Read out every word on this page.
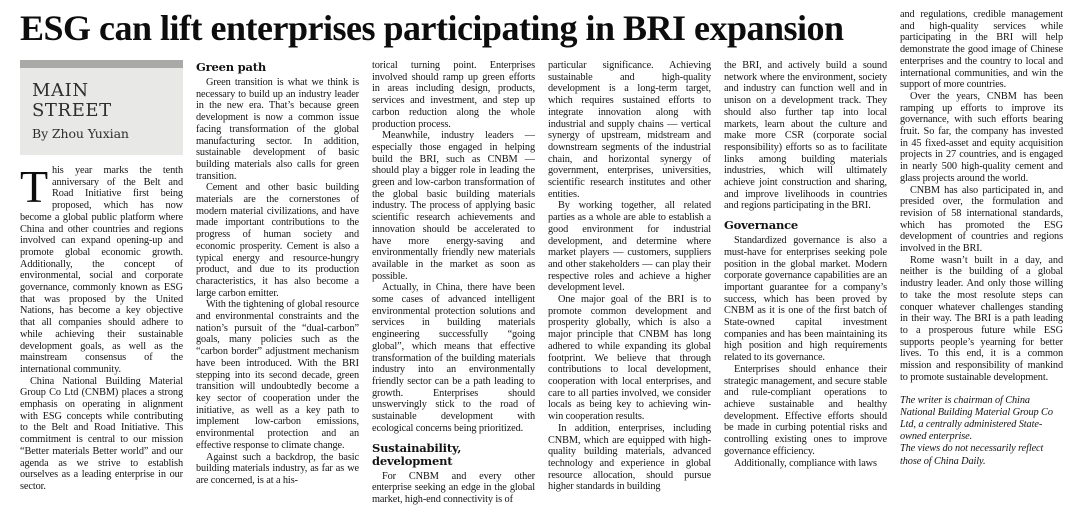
ESG can lift enterprises participating in BRI expansion
MAIN STREET
By Zhou Yuxian
This year marks the tenth anniversary of the Belt and Road Initiative first being proposed, which has now become a global public platform where China and other countries and regions involved can expand opening-up and promote global economic growth. Additionally, the concept of environmental, social and corporate governance, commonly known as ESG that was proposed by the United Nations, has become a key objective that all companies should adhere to while achieving their sustainable development goals, as well as the mainstream consensus of the international community.
China National Building Material Group Co Ltd (CNBM) places a strong emphasis on operating in alignment with ESG concepts while contributing to the Belt and Road Initiative. This commitment is central to our mission “Better materials Better world” and our agenda as we strive to establish ourselves as a leading enterprise in our sector.
Green path
Green transition is what we think is necessary to build up an industry leader in the new era. That’s because green development is now a common issue facing transformation of the global manufacturing sector. In addition, sustainable development of basic building materials also calls for green transition.
Cement and other basic building materials are the cornerstones of modern material civilizations, and have made important contributions to the progress of human society and economic prosperity. Cement is also a typical energy and resource-hungry product, and due to its production characteristics, it has also become a large carbon emitter.
With the tightening of global resource and environmental constraints and the nation’s pursuit of the “dual-carbon” goals, many policies such as the “carbon border” adjustment mechanism have been introduced. With the BRI stepping into its second decade, green transition will undoubtedly become a key sector of cooperation under the initiative, as well as a key path to implement low-carbon emissions, environmental protection and an effective response to climate change.
Against such a backdrop, the basic building materials industry, as far as we are concerned, is at a his-
torical turning point. Enterprises involved should ramp up green efforts in areas including design, products, services and investment, and step up carbon reduction along the whole production process.
Meanwhile, industry leaders — especially those engaged in helping build the BRI, such as CNBM — should play a bigger role in leading the green and low-carbon transformation of the global basic building materials industry. The process of applying basic scientific research achievements and innovation should be accelerated to have more energy-saving and environmentally friendly new materials available in the market as soon as possible.
Actually, in China, there have been some cases of advanced intelligent environmental protection solutions and services in building materials engineering successfully “going global”, which means that effective transformation of the building materials industry into an environmentally friendly sector can be a path leading to growth. Enterprises should unswervingly stick to the road of sustainable development with ecological concerns being prioritized.
Sustainability, development
For CNBM and every other enterprise seeking an edge in the global market, high-end connectivity is of
particular significance. Achieving sustainable and high-quality development is a long-term target, which requires sustained efforts to integrate innovation along with industrial and supply chains — vertical synergy of upstream, midstream and downstream segments of the industrial chain, and horizontal synergy of government, enterprises, universities, scientific research institutes and other entities.
By working together, all related parties as a whole are able to establish a good environment for industrial development, and determine where market players — customers, suppliers and other stakeholders — can play their respective roles and achieve a higher development level.
One major goal of the BRI is to promote common development and prosperity globally, which is also a major principle that CNBM has long adhered to while expanding its global footprint. We believe that through contributions to local development, cooperation with local enterprises, and care to all parties involved, we consider locals as being key to achieving win-win cooperation results.
In addition, enterprises, including CNBM, which are equipped with high-quality building materials, advanced technology and experience in global resource allocation, should pursue higher standards in building
the BRI, and actively build a sound network where the environment, society and industry can function well and in unison on a development track. They should also further tap into local markets, learn about the culture and make more CSR (corporate social responsibility) efforts so as to facilitate links among building materials industries, which will ultimately achieve joint construction and sharing, and improve livelihoods in countries and regions participating in the BRI.
Governance
Standardized governance is also a must-have for enterprises seeking pole position in the global market. Modern corporate governance capabilities are an important guarantee for a company’s success, which has been proved by CNBM as it is one of the first batch of State-owned capital investment companies and has been maintaining its high position and high requirements related to its governance.
Enterprises should enhance their strategic management, and secure stable and rule-compliant operations to achieve sustainable and healthy development. Effective efforts should be made in curbing potential risks and controlling existing ones to improve governance efficiency.
Additionally, compliance with laws
and regulations, credible management and high-quality services while participating in the BRI will help demonstrate the good image of Chinese enterprises and the country to local and international communities, and win the support of more countries.
Over the years, CNBM has been ramping up efforts to improve its governance, with such efforts bearing fruit. So far, the company has invested in 45 fixed-asset and equity acquisition projects in 27 countries, and is engaged in nearly 500 high-quality cement and glass projects around the world.
CNBM has also participated in, and presided over, the formulation and revision of 58 international standards, which has promoted the ESG development of countries and regions involved in the BRI.
Rome wasn’t built in a day, and neither is the building of a global industry leader. And only those willing to take the most resolute steps can conquer whatever challenges standing in their way. The BRI is a path leading to a prosperous future while ESG supports people’s yearning for better lives. To this end, it is a common mission and responsibility of mankind to promote sustainable development.
The writer is chairman of China National Building Material Group Co Ltd, a centrally administered State-owned enterprise.
The views do not necessarily reflect those of China Daily.
